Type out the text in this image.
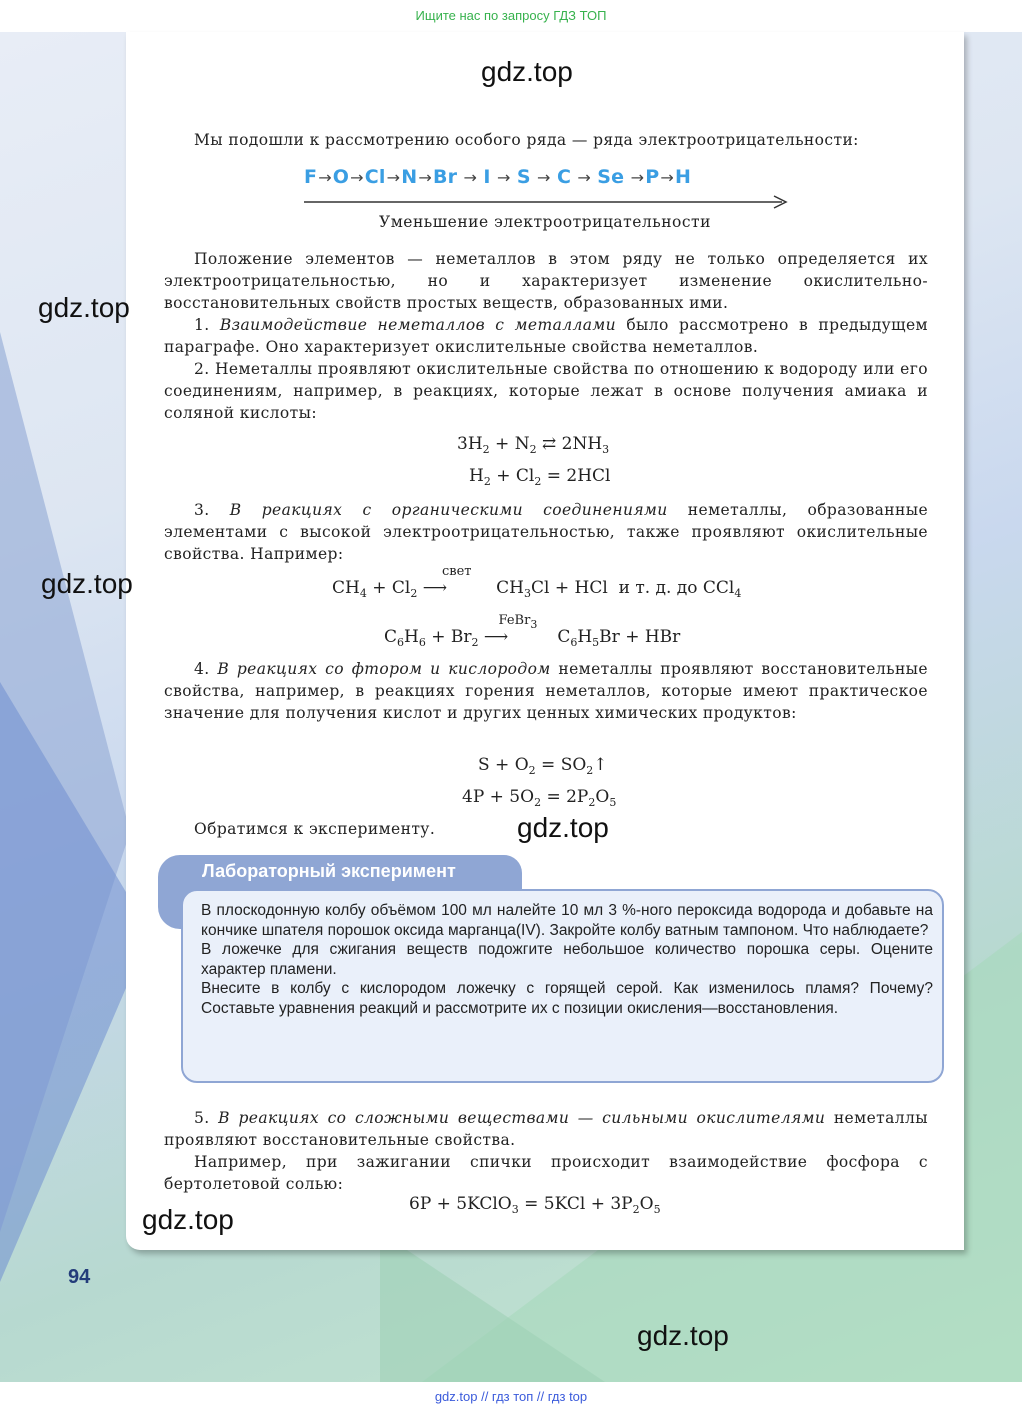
Ищите нас по запросу ГДЗ ТОП
gdz.top
gdz.top
gdz.top
gdz.top
gdz.top
gdz.top
Мы подошли к рассмотрению особого ряда — ряда электроотрицательности:
F→O→Cl→N→Br → I → S → C → Se →P→H
Уменьшение электроотрицательности
Положение элементов — неметаллов в этом ряду не только определяется их электроотрицательностью, но и характеризует изменение окислительно-восстановительных свойств простых веществ, образованных ими.
1. Взаимодействие неметаллов с металлами было рассмотрено в предыдущем параграфе. Оно характеризует окислительные свойства неметаллов.
2. Неметаллы проявляют окислительные свойства по отношению к водороду или его соединениям, например, в реакциях, которые лежат в основе получения амиака и соляной кислоты:
$3H_2 + N_2$ ⇄ $2NH_3$
$H_2 + Cl_2 = 2HCl$
3. В реакциях с органическими соединениями неметаллы, образованные элементами с высокой электроотрицательностью, также проявляют окислительные свойства. Например:
$CH_4 + Cl_2$
свет
⟶	$CH_3Cl$ + HCl  и т. д. до CCl$_4$
$C_6H_6 + Br_2$
FeBr$_3$
⟶	$C_6H_5Br$ + HBr
4. В реакциях со фтором и кислородом неметаллы проявляют восстановительные свойства, например, в реакциях горения неметаллов, которые имеют практическое значение для получения кислот и других ценных химических продуктов:
$S + O_2$ = $SO_2↑$
$4P + 5O_2 = 2P_2O_5$
Обратимся к эксперименту.
Лабораторный эксперимент

В плоскодонную колбу объёмом 100 мл налейте 10 мл 3 %-ного пероксида водорода и добавьте на кончике шпателя порошок оксида марганца(IV). Закройте колбу ватным тампоном. Что наблюдаете?

В ложечке для сжигания веществ подожгите небольшое количество порошка серы. Оцените характер пламени.

Внесите в колбу с кислородом ложечку с горящей серой. Как изменилось пламя? Почему? Составьте уравнения реакций и рассмотрите их с позиции окисления—восстановления.

5. В реакциях со сложными веществами — сильными окислителями неметаллы проявляют восстановительные свойства.
Например, при зажигании спички происходит взаимодействие фосфора с бертолетовой солью:
6P + 5KClO$_3$ = $5KCl + 3P_2O_5$
94
gdz.top // гдз топ // гдз top
